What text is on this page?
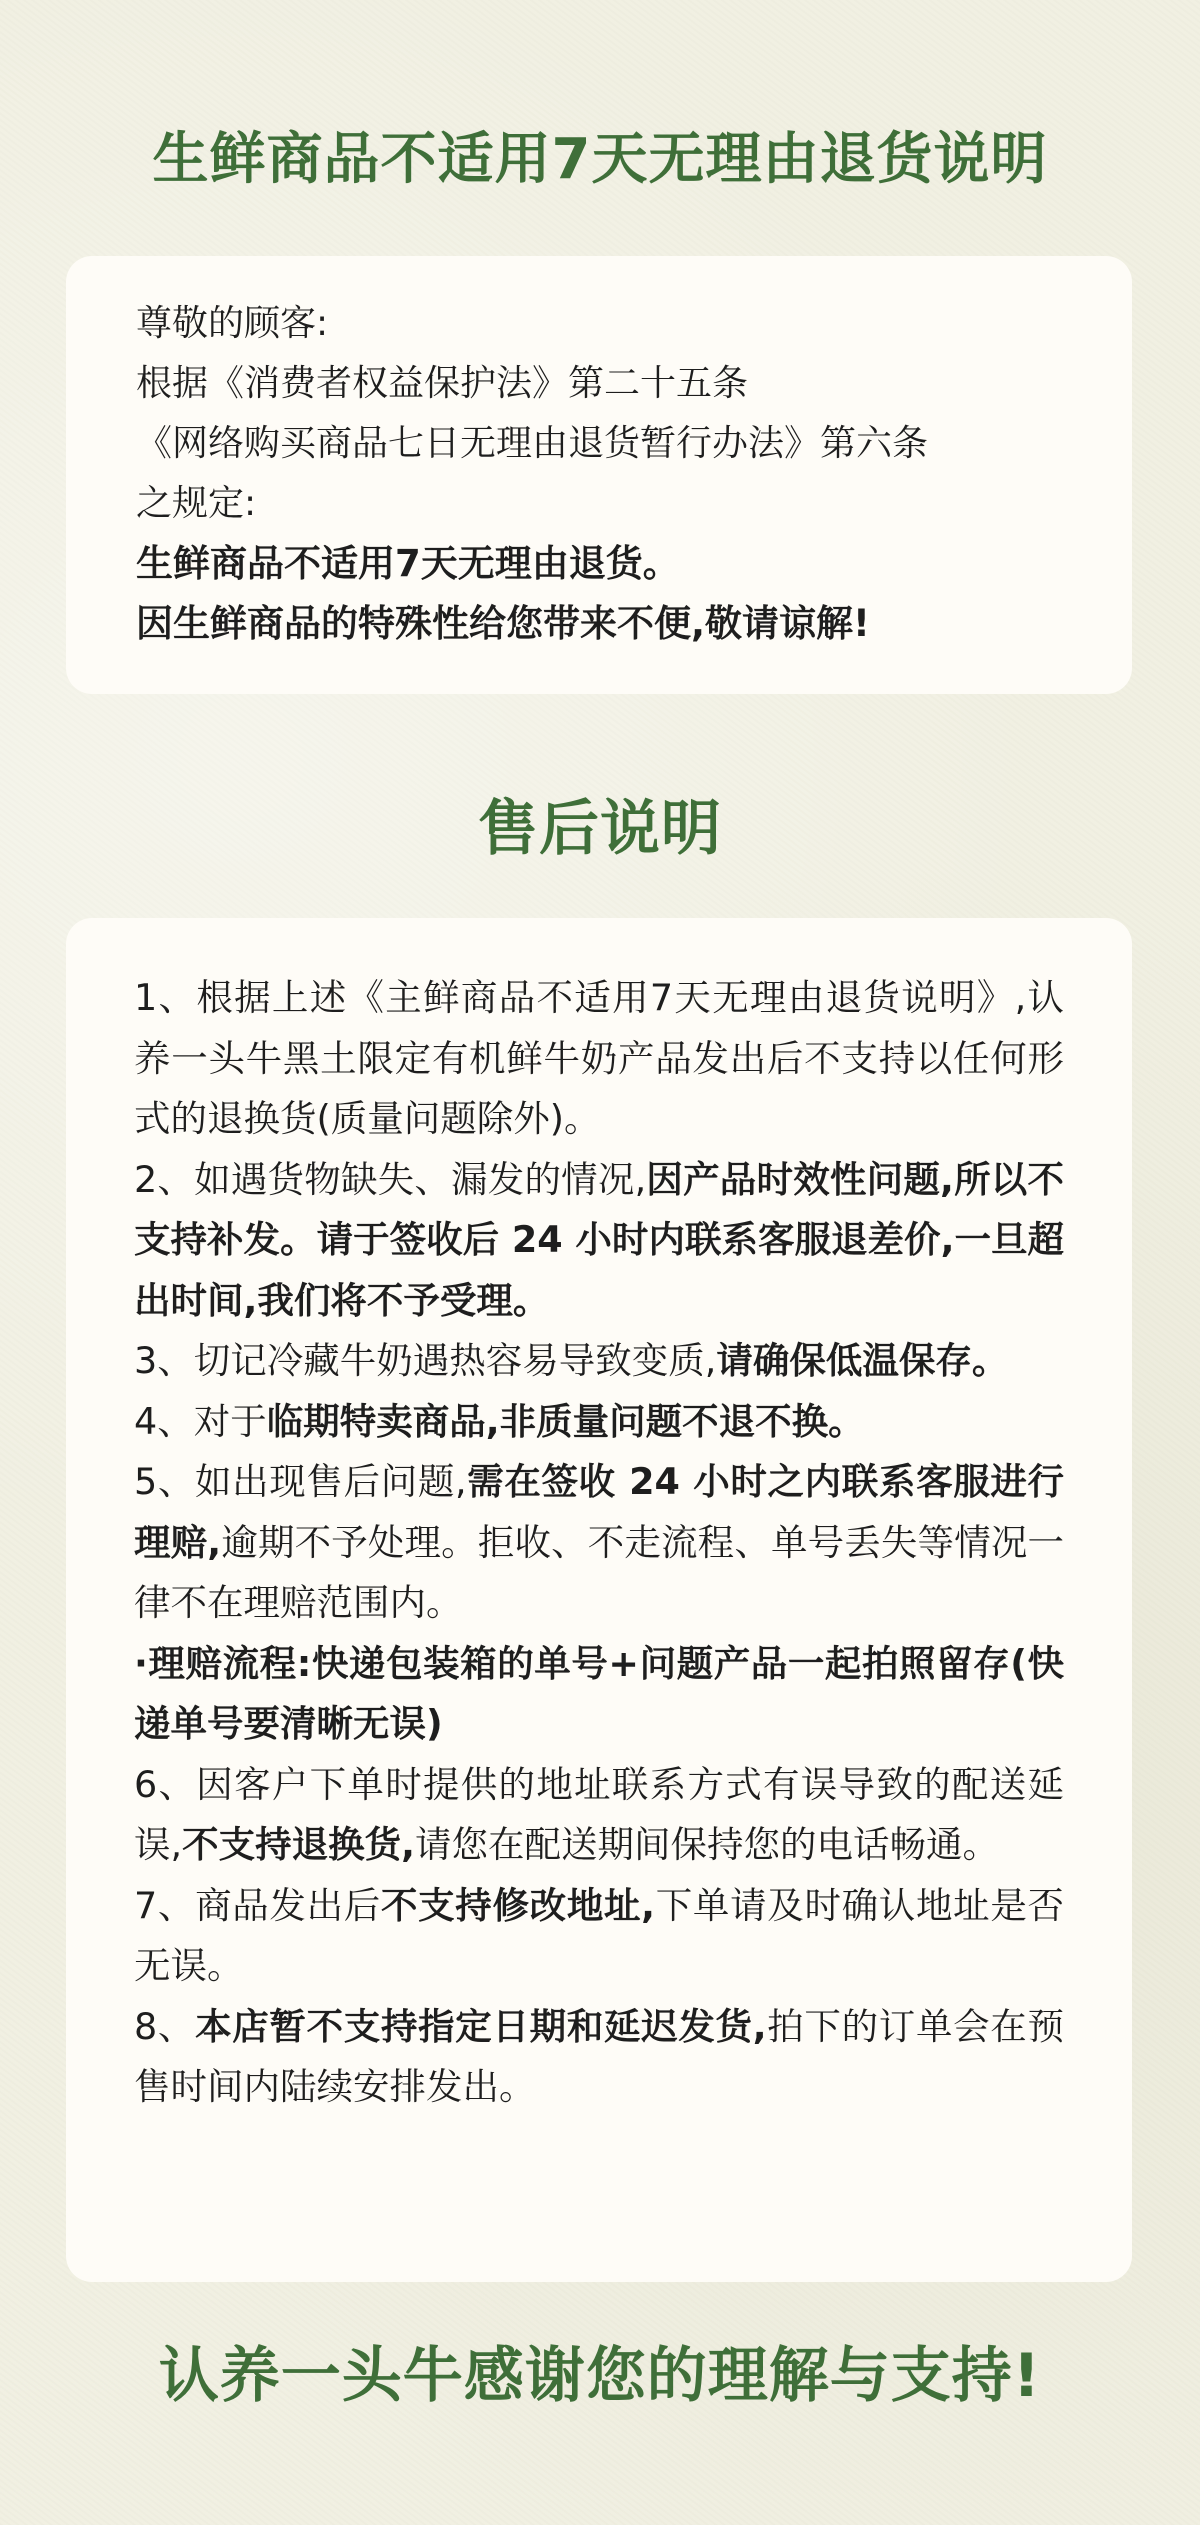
生鲜商品不适用7天无理由退货说明

尊敬的顾客:

根据《消费者权益保护法》第二十五条

《网络购买商品七日无理由退货暂行办法》第六条

之规定:

生鲜商品不适用7天无理由退货。

因生鲜商品的特殊性给您带来不便,敬请谅解!

售后说明

1、根据上述《主鲜商品不适用7天无理由退货说明》,认养一头牛黑土限定有机鲜牛奶产品发出后不支持以任何形式的退换货(质量问题除外)。

2、如遇货物缺失、漏发的情况,因产品时效性问题,所以不支持补发。请于签收后 24 小时内联系客服退差价,一旦超出时间,我们将不予受理。

3、切记冷藏牛奶遇热容易导致变质,请确保低温保存。

4、对于临期特卖商品,非质量问题不退不换。

5、如出现售后问题,需在签收 24 小时之内联系客服进行理赔,逾期不予处理。拒收、不走流程、单号丢失等情况一律不在理赔范围内。

·理赔流程:快递包装箱的单号+问题产品一起拍照留存(快递单号要清晰无误)

6、因客户下单时提供的地址联系方式有误导致的配送延误,不支持退换货,请您在配送期间保持您的电话畅通。

7、商品发出后不支持修改地址,下单请及时确认地址是否无误。

8、本店暂不支持指定日期和延迟发货,拍下的订单会在预售时间内陆续安排发出。

认养一头牛感谢您的理解与支持!
